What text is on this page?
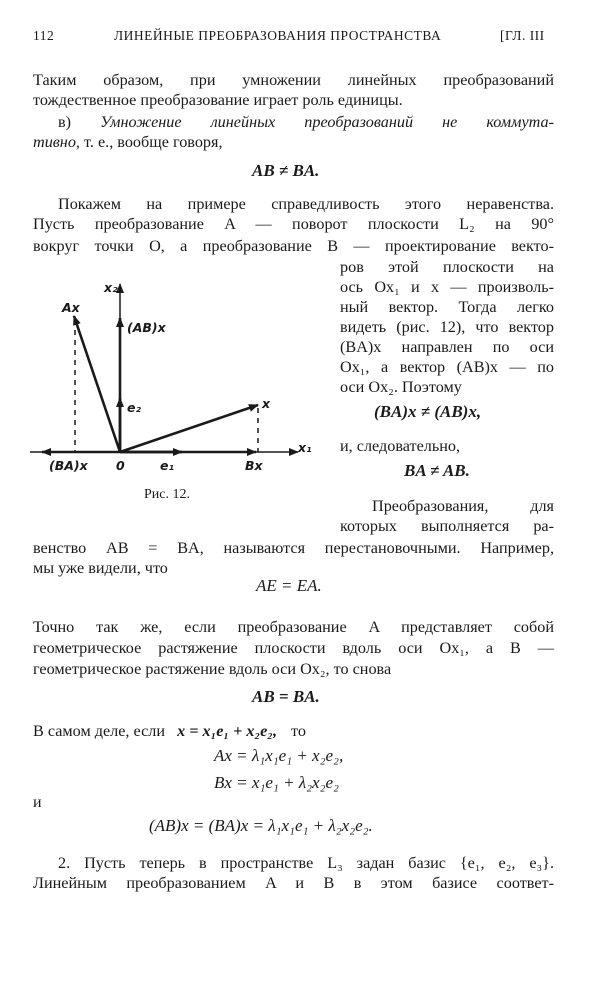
112	ЛИНЕЙНЫЕ ПРЕОБРАЗОВАНИЯ ПРОСТРАНСТВА	[ГЛ. III
Таким образом, при умножении линейных преобразований
тождественное преобразование играет роль единицы.
в) Умножение линейных преобразований не коммута-
тивно, т. е., вообще говоря,
AB ≠ BA.
Покажем на примере справедливость этого неравенства.
Пусть преобразование A — поворот плоскости L₂ на 90°
вокруг точки O, а преобразование B — проектирование векто-
ров этой плоскости на
ось Ox₁ и x — произволь-
ный вектор. Тогда легко
видеть (рис. 12), что вектор
(BA)x направлен по оси
Ox₁, а вектор (AB)x — по
оси Ox₂. Поэтому
(BA)x ≠ (AB)x,
и, следовательно,
BA ≠ AB.
Преобразования, для
которых выполняется ра-
Ax
x₂
(AB)x
e₂	x
x₁
(BA)x 0	e₁	Bx
Рис. 12.
венство AB = BA, называются перестановочными. Например,
мы уже видели, что
AE = EA.
Точно так же, если преобразование A представляет собой
геометрическое растяжение плоскости вдоль оси Ox₁, а B —
геометрическое растяжение вдоль оси Ox₂, то снова
AB = BA.
В самом деле, если x = x₁e₁ + x₂e₂, то
Ax = λ₁x₁e₁ + x₂e₂,
Bx = x₁e₁ + λ₂x₂e₂
и
(AB)x = (BA)x = λ₁x₁e₁ + λ₂x₂e₂.
2. Пусть теперь в пространстве L₃ задан базис {e₁, e₂, e₃}.
Линейным преобразованием A и B в этом базисе соответ-
